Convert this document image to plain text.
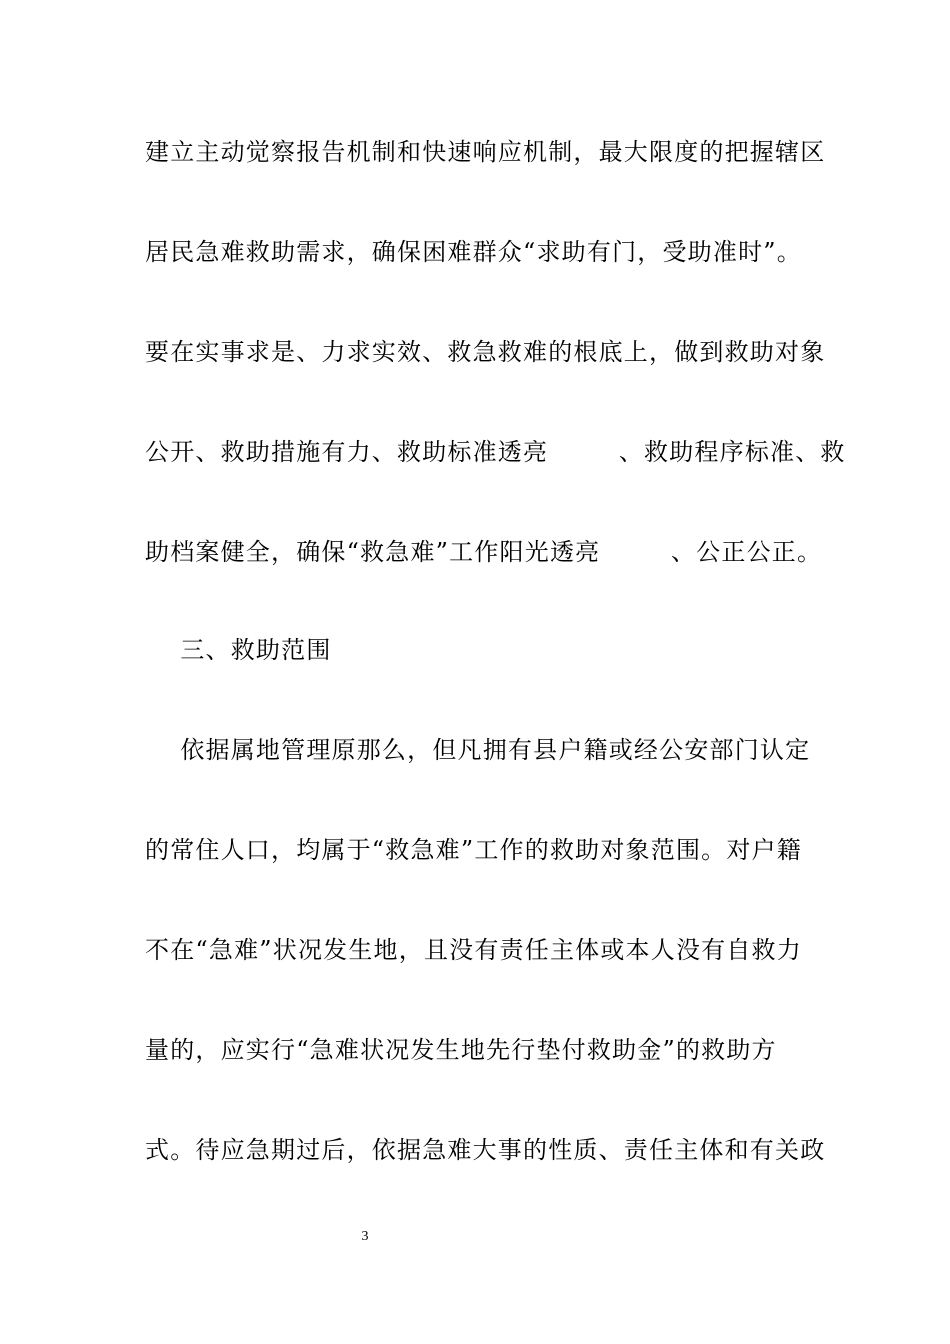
建立主动觉察报告机制和快速响应机制，最大限度的把握辖区
居民急难救助需求，确保困难群众“求助有门，受助准时”。
要在实事求是、力求实效、救急救难的根底上，做到救助对象
公开、救助措施有力、救助标准透亮        、救助程序标准、救
助档案健全，确保“救急难”工作阳光透亮        、公正公正。
三、救助范围
依据属地管理原那么，但凡拥有县户籍或经公安部门认定
的常住人口，均属于“救急难”工作的救助对象范围。对户籍
不在“急难”状况发生地，且没有责任主体或本人没有自救力
量的，应实行“急难状况发生地先行垫付救助金”的救助方
式。待应急期过后，依据急难大事的性质、责任主体和有关政
3
